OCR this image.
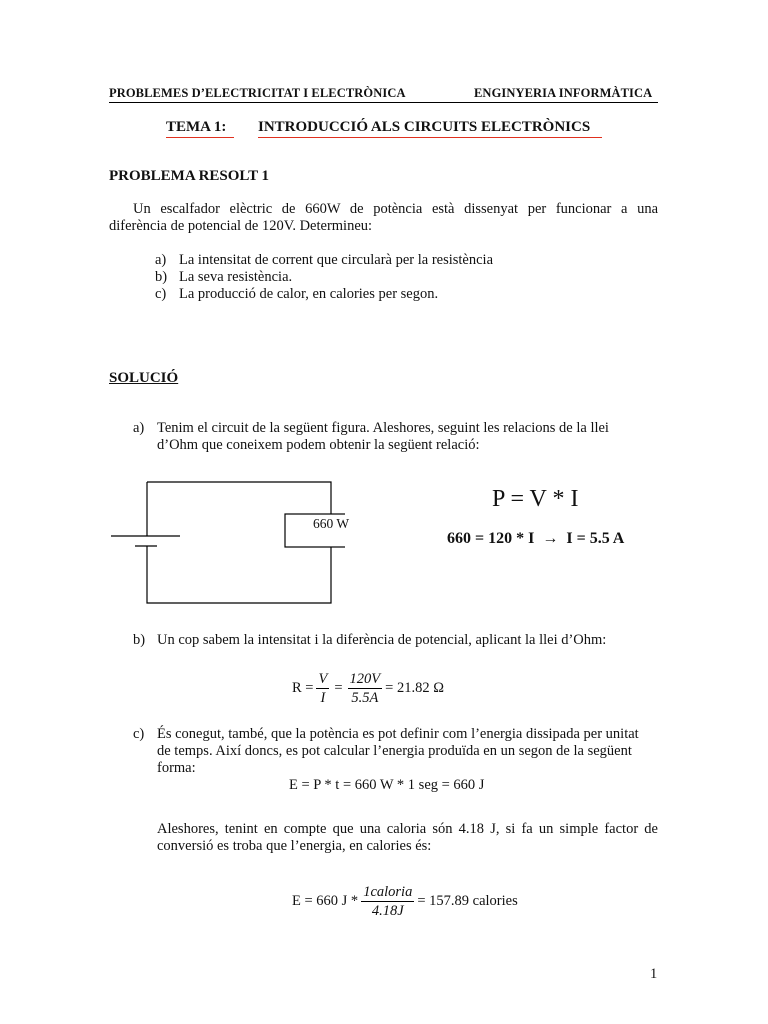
PROBLEMES D’ELECTRICITAT I ELECTRÒNICA	ENGINYERIA INFORMÀTICA
TEMA 1: INTRODUCCIÓ ALS CIRCUITS ELECTRÒNICS
PROBLEMA RESOLT 1
Un escalfador elèctric de 660W de potència està dissenyat per funcionar a una
diferència de potencial de 120V. Determineu:
a) La intensitat de corrent que circularà per la resistència
b) La seva resistència.
c) La producció de calor, en calories per segon.
SOLUCIÓ
a) Tenim el circuit de la següent figura. Aleshores, seguint les relacions de la llei
d’Ohm que coneixem podem obtenir la següent relació:
660 W
P = V * I
660 = 120 * I  →  I = 5.5 A
b) Un cop sabem la intensitat i la diferència de potencial, aplicant la llei d’Ohm:
$R = \frac{V}{I} = \frac{120V}{5.5A} = 21.82$ Ω
c) És conegut, també, que la potència es pot definir com l’energia dissipada per unitat
de temps. Així doncs, es pot calcular l’energia produïda en un segon de la següent
forma:
E = P * t = 660 W * 1 seg = 660 J
Aleshores, tenint en compte que una caloria són 4.18 J, si fa un simple factor de
conversió es troba que l’energia, en calories és:
E = 660 $J * \frac{\text{1caloria}}{4.18J} = 157.89$ calories
1
